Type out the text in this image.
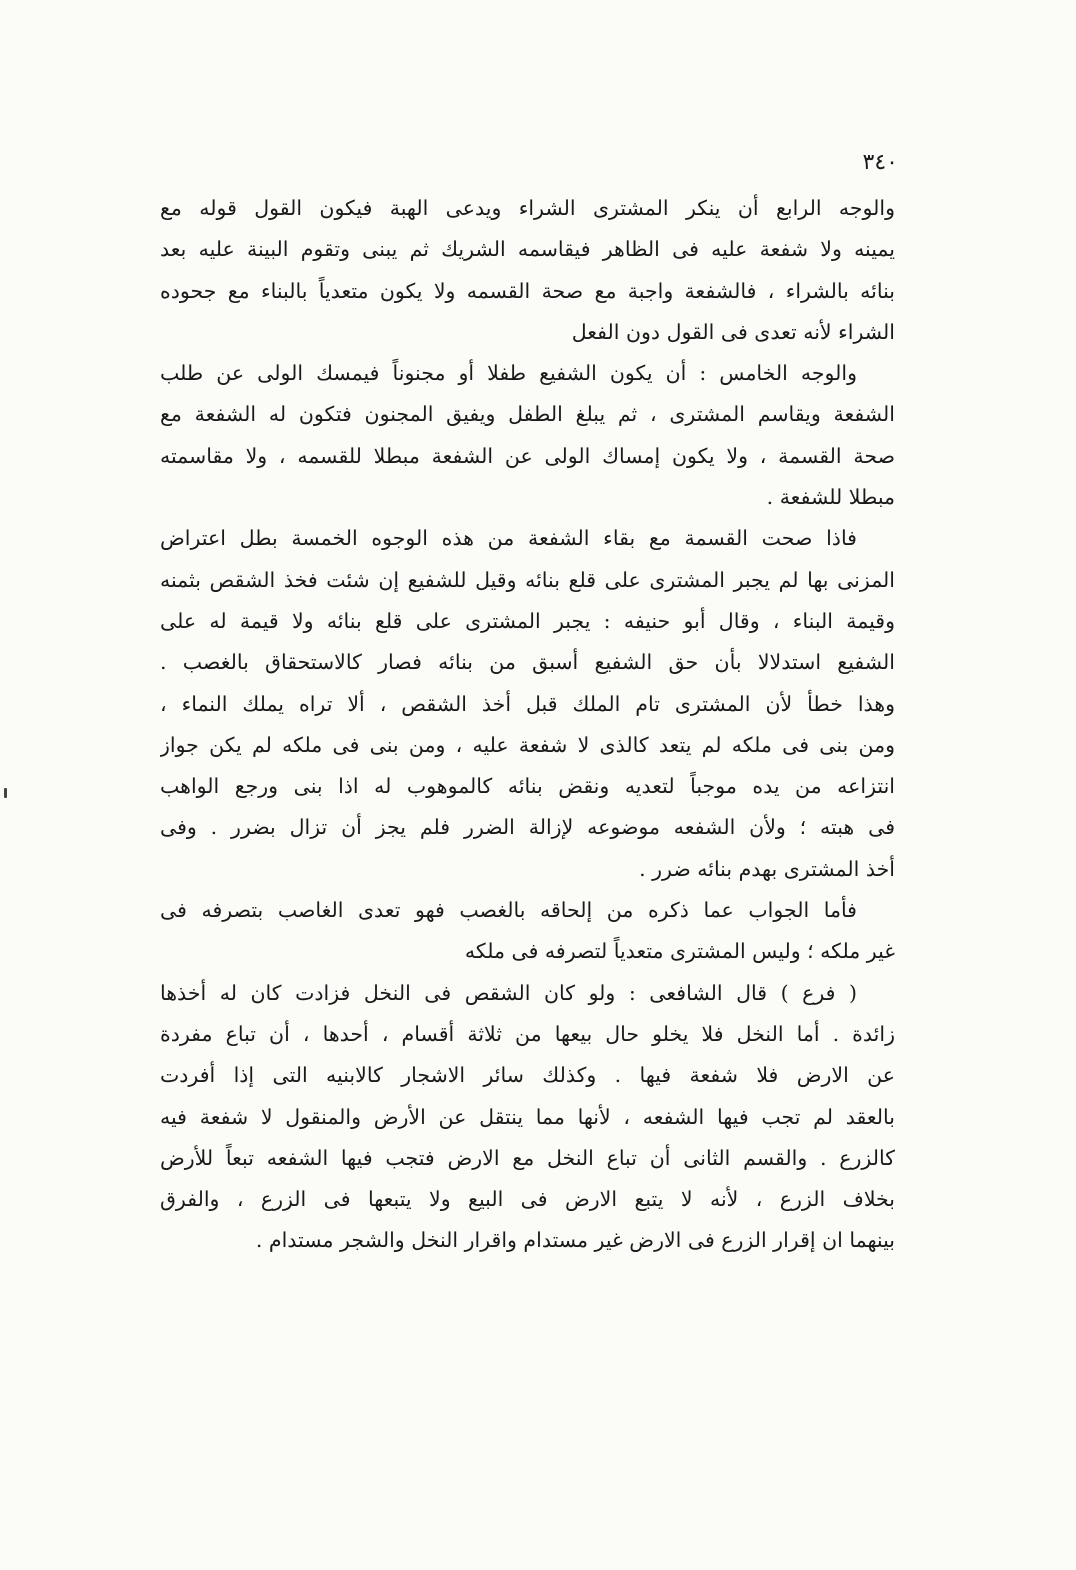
٣٤٠
والوجه الرابع أن ينكر المشترى الشراء ويدعى الهبة فيكون القول قوله مع
يمينه ولا شفعة عليه فى الظاهر فيقاسمه الشريك ثم يبنى وتقوم البينة عليه بعد
بنائه بالشراء ، فالشفعة واجبة مع صحة القسمه ولا يكون متعدياً بالبناء مع جحوده
الشراء لأنه تعدى فى القول دون الفعل
والوجه الخامس : أن يكون الشفيع طفلا أو مجنوناً فيمسك الولى عن طلب
الشفعة ويقاسم المشترى ، ثم يبلغ الطفل ويفيق المجنون فتكون له الشفعة مع
صحة القسمة ، ولا يكون إمساك الولى عن الشفعة مبطلا للقسمه ، ولا مقاسمته
مبطلا للشفعة .
فاذا صحت القسمة مع بقاء الشفعة من هذه الوجوه الخمسة بطل اعتراض
المزنى بها لم يجبر المشترى على قلع بنائه وقيل للشفيع إن شئت فخذ الشقص بثمنه
وقيمة البناء ، وقال أبو حنيفه : يجبر المشترى على قلع بنائه ولا قيمة له على
الشفيع استدلالا بأن حق الشفيع أسبق من بنائه فصار كالاستحقاق بالغصب .
وهذا خطأ لأن المشترى تام الملك قبل أخذ الشقص ، ألا تراه يملك النماء ،
ومن بنى فى ملكه لم يتعد كالذى لا شفعة عليه ، ومن بنى فى ملكه لم يكن جواز
انتزاعه من يده موجباً لتعديه ونقض بنائه كالموهوب له اذا بنى ورجع الواهب
فى هبته ؛ ولأن الشفعه موضوعه لإزالة الضرر فلم يجز أن تزال بضرر . وفى
أخذ المشترى بهدم بنائه ضرر .
فأما الجواب عما ذكره من إلحاقه بالغصب فهو تعدى الغاصب بتصرفه فى
غير ملكه ؛ وليس المشترى متعدياً لتصرفه فى ملكه
( فرع ) قال الشافعى : ولو كان الشقص فى النخل فزادت كان له أخذها
زائدة . أما النخل فلا يخلو حال بيعها من ثلاثة أقسام ، أحدها ، أن تباع مفردة
عن الارض فلا شفعة فيها . وكذلك سائر الاشجار كالابنيه التى إذا أفردت
بالعقد لم تجب فيها الشفعه ، لأنها مما ينتقل عن الأرض والمنقول لا شفعة فيه
كالزرع . والقسم الثانى أن تباع النخل مع الارض فتجب فيها الشفعه تبعاً للأرض
بخلاف الزرع ، لأنه لا يتبع الارض فى البيع ولا يتبعها فى الزرع ، والفرق
بينهما ان إقرار الزرع فى الارض غير مستدام واقرار النخل والشجر مستدام .
